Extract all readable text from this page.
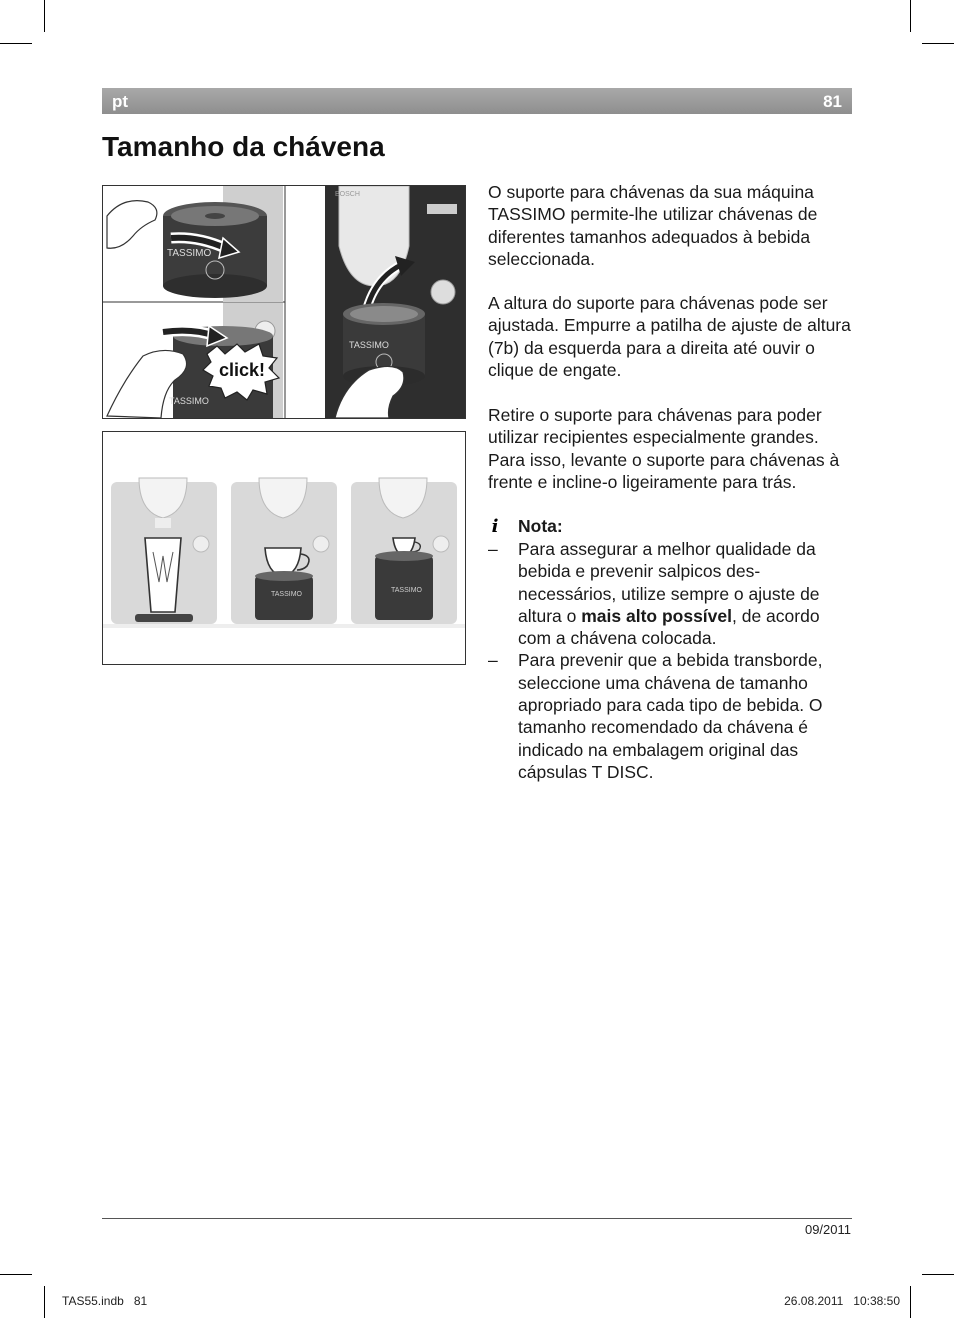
pt	81
Tamanho da chávena
TASSIMO
TASSIMO
click!
BOSCH
TASSIMO
TASSIMO
TASSIMO

O suporte para chávenas da sua máquina TASSIMO permite-lhe utilizar chávenas de diferentes tamanhos adequados à bebida seleccionada.

A altura do suporte para chávenas pode ser ajustada. Empurre a patilha de ajuste de altura (7b) da esquerda para a direita até ouvir o clique de engate.

Retire o suporte para chávenas para poder utilizar recipientes especialmente grandes. Para isso, levante o suporte para chávenas à frente e incline-o ligeiramente para trás.

i Nota:
– Para assegurar a melhor qualidade da bebida e prevenir salpicos des-necessários, utilize sempre o ajuste de altura o mais alto possível, de acordo com a chávena colocada.
– Para prevenir que a bebida transborde, seleccione uma chávena de tamanho apropriado para cada tipo de bebida. O tamanho recomendado da chávena é indicado na embalagem original das cápsulas T DISC.
09/2011
TAS55.indb   81	26.08.2011   10:38:50
